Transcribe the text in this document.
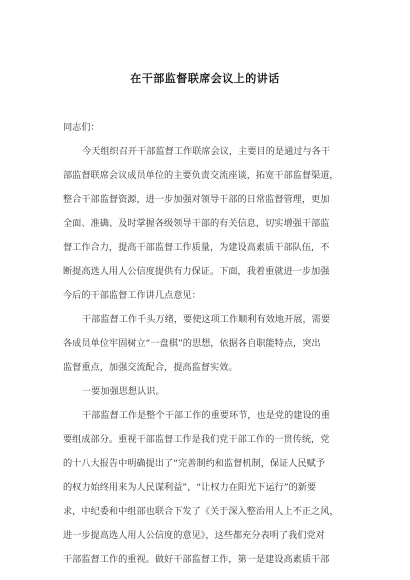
在干部监督联席会议上的讲话
同志们：
今天组织召开干部监督工作联席会议，主要目的是通过与各干
部监督联席会议成员单位的主要负责交流座谈，拓宽干部监督渠道，
整合干部监督资源，进一步加强对领导干部的日常监督管理，更加
全面、准确、及时掌握各级领导干部的有关信息，切实增强干部监
督工作合力，提高干部监督工作质量，为建设高素质干部队伍，不
断提高选人用人公信度提供有力保证。下面，我着重就进一步加强
今后的干部监督工作讲几点意见：
干部监督工作千头万绪，要使这项工作顺利有效地开展，需要
各成员单位牢固树立“一盘棋”的思想，依据各自职能特点，突出
监督重点，加强交流配合，提高监督实效。
一要加强思想认识。
干部监督工作是整个干部工作的重要环节，也是党的建设的重
要组成部分。重视干部监督工作是我们党干部工作的一贯传统，党
的十八大报告中明确提出了“完善制约和监督机制，保证人民赋予
的权力始终用来为人民谋利益”，“让权力在阳光下运行”的新要
求，中纪委和中组部也联合下发了《关于深入整治用人上不正之风，
进一步提高选人用人公信度的意见》，这些都充分表明了我们党对
干部监督工作的重视。做好干部监督工作，第一是建设高素质干部
